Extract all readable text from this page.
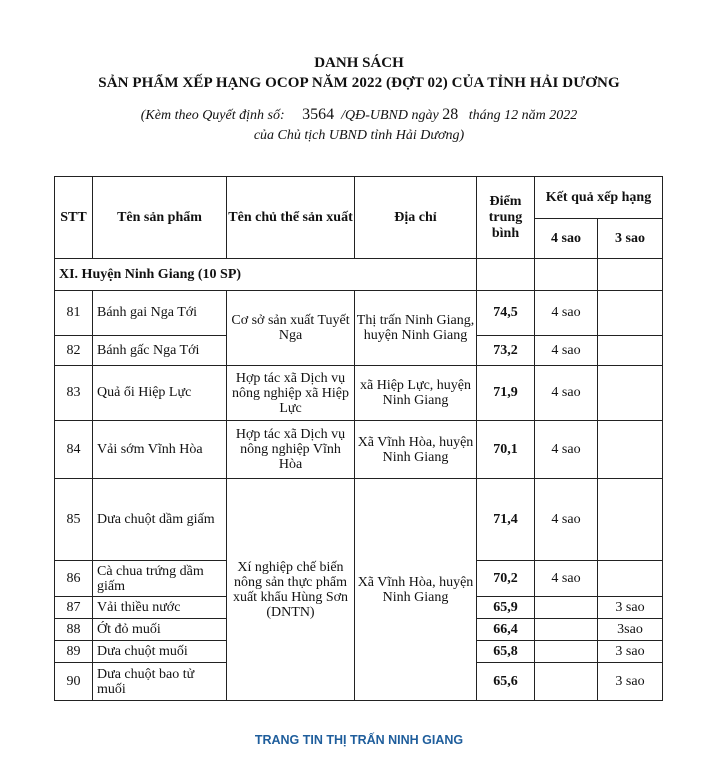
DANH SÁCH
SẢN PHẨM XẾP HẠNG OCOP NĂM 2022 (ĐỢT 02) CỦA TỈNH HẢI DƯƠNG
(Kèm theo Quyết định số: 3564 /QĐ-UBND ngày 28 tháng 12 năm 2022
của Chủ tịch UBND tỉnh Hải Dương)
STT	Tên sản phẩm	Tên chủ thể sản xuất	Địa chỉ	Điểm trung bình	Kết quả xếp hạng	
					4 sao	3 sao
XI. Huyện Ninh Giang (10 SP)						
81	Bánh gai Nga Tới	Cơ sở sản xuất Tuyết Nga	Thị trấn Ninh Giang, huyện Ninh Giang	74,5	4 sao	
82	Bánh gấc Nga Tới			73,2	4 sao	
83	Quả ổi Hiệp Lực	Hợp tác xã Dịch vụ nông nghiệp xã Hiệp Lực	xã Hiệp Lực, huyện Ninh Giang	71,9	4 sao	
84	Vải sớm Vĩnh Hòa	Hợp tác xã Dịch vụ nông nghiệp Vĩnh Hòa	Xã Vĩnh Hòa, huyện Ninh Giang	70,1	4 sao	
85	Dưa chuột dầm giấm	Xí nghiệp chế biến nông sản thực phẩm xuất khẩu Hùng Sơn (DNTN)	Xã Vĩnh Hòa, huyện Ninh Giang	71,4	4 sao	
86	Cà chua trứng dầm giấm			70,2	4 sao	
87	Vải thiều nước			65,9		3 sao
88	Ớt đỏ muối			66,4		3sao
89	Dưa chuột muối			65,8		3 sao
90	Dưa chuột bao tử muối			65,6		3 sao
TRANG TIN THỊ TRẤN NINH GIANG
